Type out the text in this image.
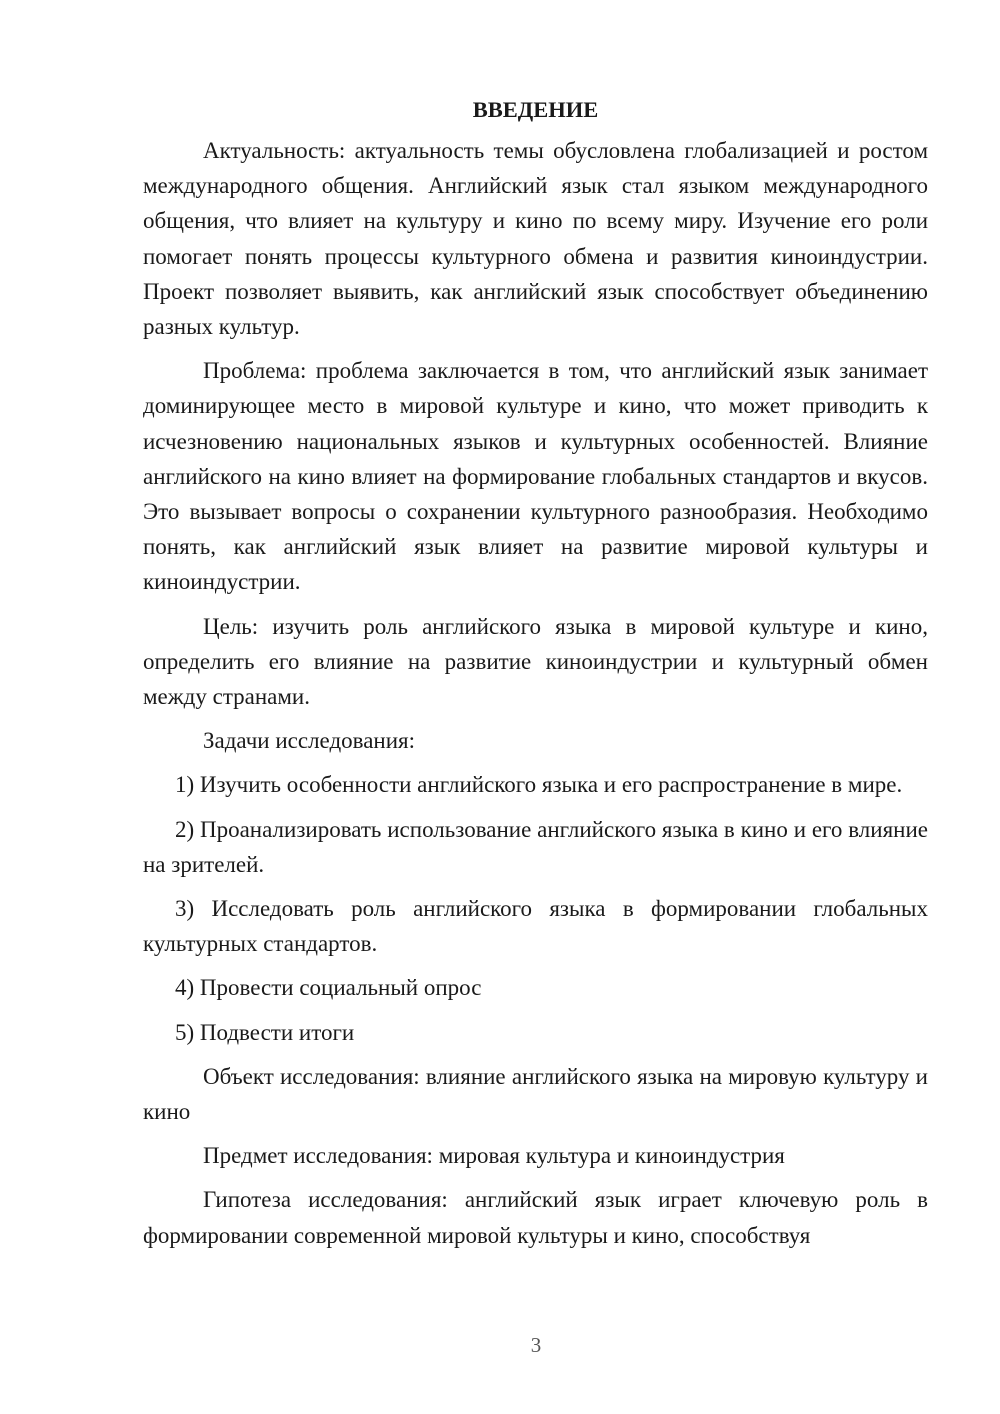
ВВЕДЕНИЕ

Актуальность: актуальность темы обусловлена глобализацией и ростом международного общения. Английский язык стал языком международного общения, что влияет на культуру и кино по всему миру. Изучение его роли помогает понять процессы культурного обмена и развития киноиндустрии. Проект позволяет выявить, как английский язык способствует объединению разных культур.

Проблема: проблема заключается в том, что английский язык занимает доминирующее место в мировой культуре и кино, что может приводить к исчезновению национальных языков и культурных особенностей. Влияние английского на кино влияет на формирование глобальных стандартов и вкусов. Это вызывает вопросы о сохранении культурного разнообразия. Необходимо понять, как английский язык влияет на развитие мировой культуры и киноиндустрии.

Цель: изучить роль английского языка в мировой культуре и кино, определить его влияние на развитие киноиндустрии и культурный обмен между странами.

Задачи исследования:

1) Изучить особенности английского языка и его распространение в мире.

2) Проанализировать использование английского языка в кино и его влияние на зрителей.

3) Исследовать роль английского языка в формировании глобальных культурных стандартов.

4) Провести социальный опрос

5) Подвести итоги

Объект исследования: влияние английского языка на мировую культуру и кино

Предмет исследования: мировая культура и киноиндустрия

Гипотеза исследования: английский язык играет ключевую роль в формировании современной мировой культуры и кино, способствуя

3
